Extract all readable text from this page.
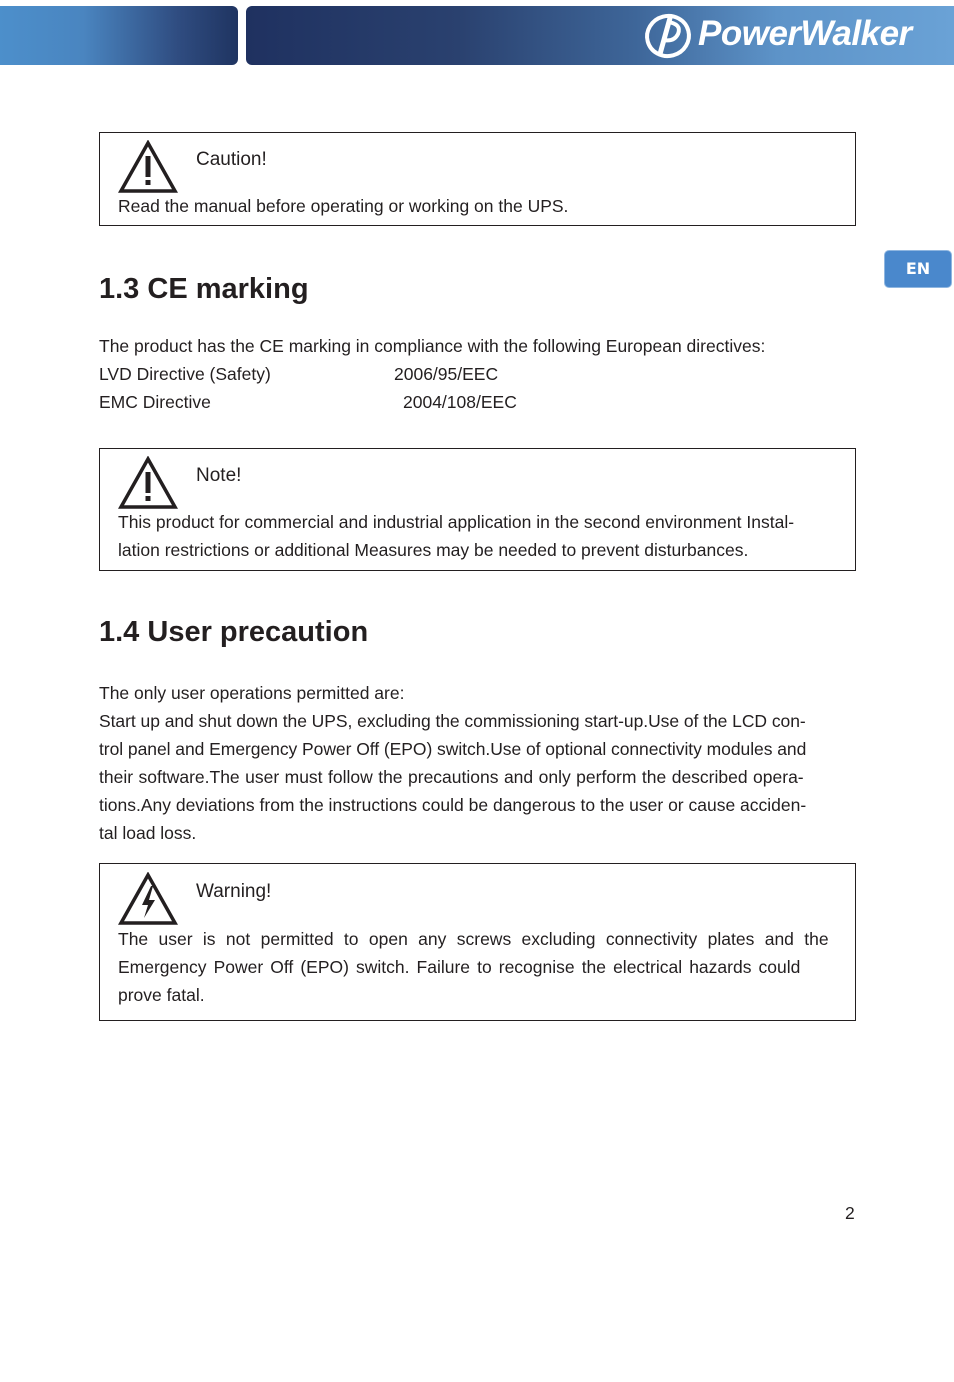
PowerWalker
EN
Caution!
Read the manual before operating or working on the UPS.
1.3 CE marking
The product has the CE marking in compliance with the following European directives:
LVD Directive (Safety)	2006/95/EEC
EMC Directive	2004/108/EEC
Note!
This product for commercial and industrial application in the second environment Instal-
lation restrictions or additional Measures may be needed to prevent disturbances.
1.4 User precaution
The only user operations permitted are:
Start up and shut down the UPS, excluding the commissioning start-up.Use of the LCD con-
trol panel and Emergency Power Off (EPO) switch.Use of optional connectivity modules and
their software.The user must follow the precautions and only perform the described opera-
tions.Any deviations from the instructions could be dangerous to the user or cause acciden-
tal load loss.
Warning!
The user is not permitted to open any screws excluding connectivity plates and the
Emergency Power Off (EPO) switch. Failure to recognise the electrical hazards could
prove fatal.
2
